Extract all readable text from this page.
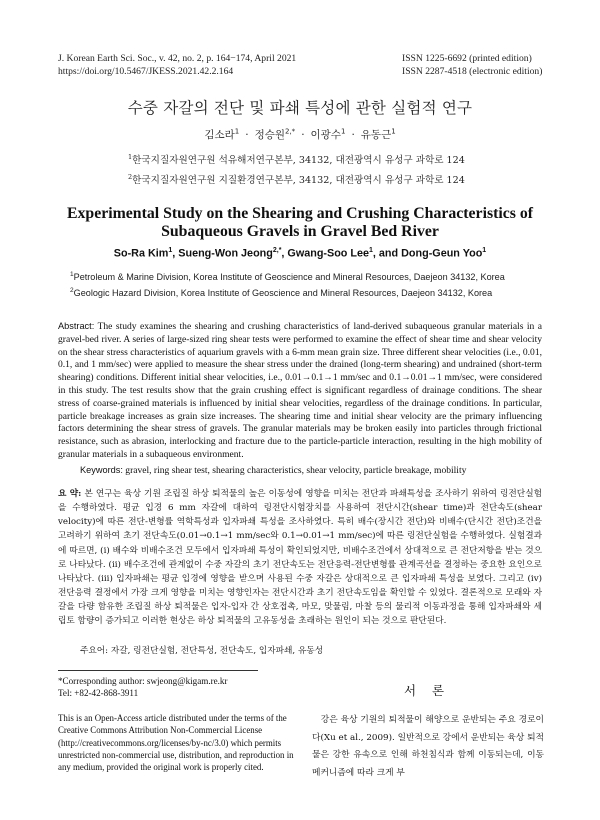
J. Korean Earth Sci. Soc., v. 42, no. 2, p. 164−174, April 2021
https://doi.org/10.5467/JKESS.2021.42.2.164
ISSN 1225-6692 (printed edition)
ISSN 2287-4518 (electronic edition)
수중 자갈의 전단 및 파쇄 특성에 관한 실험적 연구
김소라$^1$ · 정승원$^{2,*}$ · 이광수$^1$ · 유동근$^1$
$^1$한국지질자원연구원 석유해저연구본부, 34132, 대전광역시 유성구 과학로 124
$^2$한국지질자원연구원 지질환경연구본부, 34132, 대전광역시 유성구 과학로 124
Experimental Study on the Shearing and Crushing Characteristics of
Subaqueous Gravels in Gravel Bed River
So-Ra Kim$^1$, Sueng-Won Jeong$^{2,*}$, Gwang-Soo Lee$^1$, and Dong-Geun Yoo$^1$
$^1$Petroleum & Marine Division, Korea Institute of Geoscience and Mineral Resources, Daejeon 34132, Korea
$^2$Geologic Hazard Division, Korea Institute of Geoscience and Mineral Resources, Daejeon 34132, Korea
Abstract: The study examines the shearing and crushing characteristics of land-derived subaqueous granular materials in a gravel-bed river. A series of large-sized ring shear tests were performed to examine the effect of shear time and shear velocity on the shear stress characteristics of aquarium gravels with a 6-mm mean grain size. Three different shear velocities (i.e., 0.01, 0.1, and 1 mm/sec) were applied to measure the shear stress under the drained (long-term shearing) and undrained (short-term shearing) conditions. Different initial shear velocities, i.e., 0.01→0.1→1 mm/sec and 0.1→0.01→1 mm/sec, were considered in this study. The test results show that the grain crushing effect is significant regardless of drainage conditions. The shear stress of coarse-grained materials is influenced by initial shear velocities, regardless of the drainage conditions. In particular, particle breakage increases as grain size increases. The shearing time and initial shear velocity are the primary influencing factors determining the shear stress of gravels. The granular materials may be broken easily into particles through frictional resistance, such as abrasion, interlocking and fracture due to the particle-particle interaction, resulting in the high mobility of granular materials in a subaqueous environment.
Keywords: gravel, ring shear test, shearing characteristics, shear velocity, particle breakage, mobility
요 약: 본 연구는 육상 기원 조립질 하상 퇴적물의 높은 이동성에 영향을 미치는 전단과 파쇄특성을 조사하기 위하여 링전단실험을 수행하였다. 평균 입경 6 mm 자갈에 대하여 링전단시험장치를 사용하여 전단시간(shear time)과 전단속도(shear velocity)에 따른 전단-변형률 역학특성과 입자파쇄 특성을 조사하였다. 특히 배수(장시간 전단)와 비배수(단시간 전단)조건을 고려하기 위하여 초기 전단속도(0.01→0.1→1 mm/sec와 0.1→0.01→1 mm/sec)에 따른 링전단실험을 수행하였다. 실험결과에 따르면, (i) 배수와 비배수조건 모두에서 입자파쇄 특성이 확인되었지만, 비배수조건에서 상대적으로 큰 전단저항을 받는 것으로 나타났다. (ii) 배수조건에 관계없이 수중 자갈의 초기 전단속도는 전단응력-전단변형률 관계곡선을 결정하는 중요한 요인으로 나타났다. (iii) 입자파쇄는 평균 입경에 영향을 받으며 사용된 수중 자갈은 상대적으로 큰 입자파쇄 특성을 보였다. 그리고 (iv) 전단응력 결정에서 가장 크게 영향을 미치는 영향인자는 전단시간과 초기 전단속도임을 확인할 수 있었다. 결론적으로 모래와 자갈을 다량 함유한 조립질 하상 퇴적물은 입자-입자 간 상호접촉, 마모, 맞물림, 마찰 등의 물리적 이동과정을 통해 입자파쇄와 세립토 함량이 증가되고 이러한 현상은 하상 퇴적물의 고유동성을 초래하는 원인이 되는 것으로 판단된다.
주요어: 자갈, 링전단실험, 전단특성, 전단속도, 입자파쇄, 유동성
*Corresponding author: swjeong@kigam.re.kr
Tel: +82-42-868-3911
This is an Open-Access article distributed under the terms of the Creative Commons Attribution Non-Commercial License (http://creativecommons.org/licenses/by-nc/3.0) which permits unrestricted non-commercial use, distribution, and reproduction in any medium, provided the original work is properly cited.
서 론
강은 육상 기원의 퇴적물이 해양으로 운반되는 주요 경로이다(Xu et al., 2009). 일반적으로 강에서 운반되는 육상 퇴적물은 강한 유속으로 인해 하천침식과 함께 이동되는데, 이동 메커니즘에 따라 크게 부
